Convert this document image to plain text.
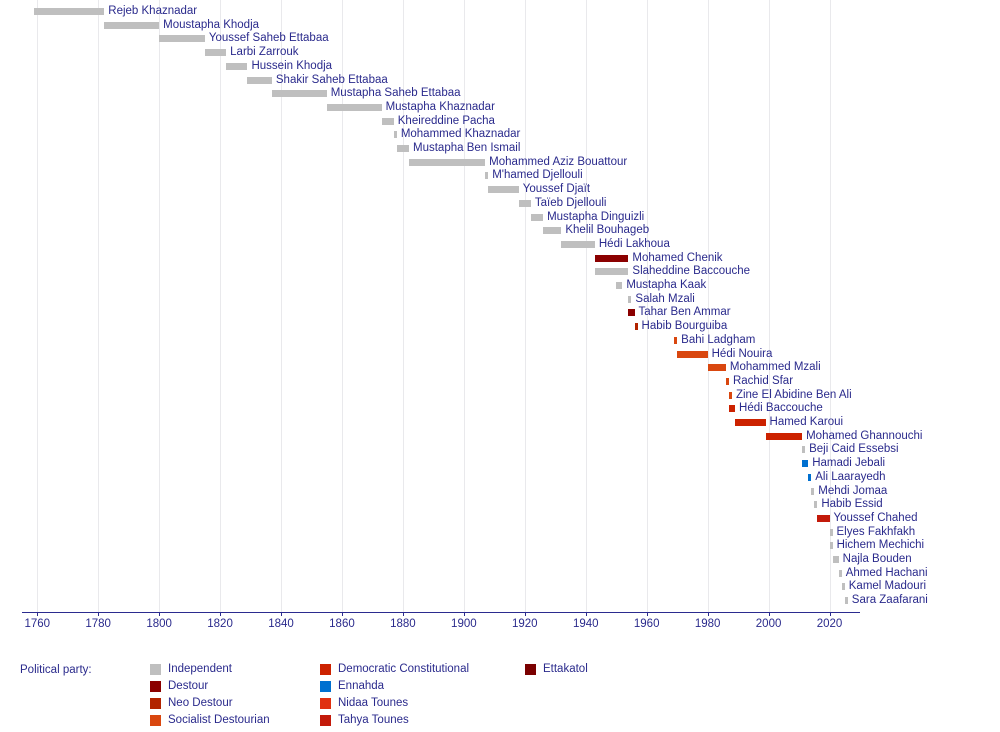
Rejeb Khaznadar
Moustapha Khodja
Youssef Saheb Ettabaa
Larbi Zarrouk
Hussein Khodja
Shakir Saheb Ettabaa
Mustapha Saheb Ettabaa
Mustapha Khaznadar
Kheireddine Pacha
Mohammed Khaznadar
Mustapha Ben Ismail
Mohammed Aziz Bouattour
M'hamed Djellouli
Youssef Djaït
Taïeb Djellouli
Mustapha Dinguizli
Khelil Bouhageb
Hédi Lakhoua
Mohamed Chenik
Slaheddine Baccouche
Mustapha Kaak
Salah Mzali
Tahar Ben Ammar
Habib Bourguiba
Bahi Ladgham
Hédi Nouira
Mohammed Mzali
Rachid Sfar
Zine El Abidine Ben Ali
Hédi Baccouche
Hamed Karoui
Mohamed Ghannouchi
Beji Caid Essebsi
Hamadi Jebali
Ali Laarayedh
Mehdi Jomaa
Habib Essid
Youssef Chahed
Elyes Fakhfakh
Hichem Mechichi
Najla Bouden
Ahmed Hachani
Kamel Madouri
Sara Zaafarani
1760	1780	1800	1820	1840	1860	1880	1900	1920	1940	1960	1980	2000	2020
Political party:	Independent
Destour
Neo Destour
Socialist Destourian
Democratic Constitutional
Ennahda
Nidaa Tounes
Tahya Tounes
Ettakatol
